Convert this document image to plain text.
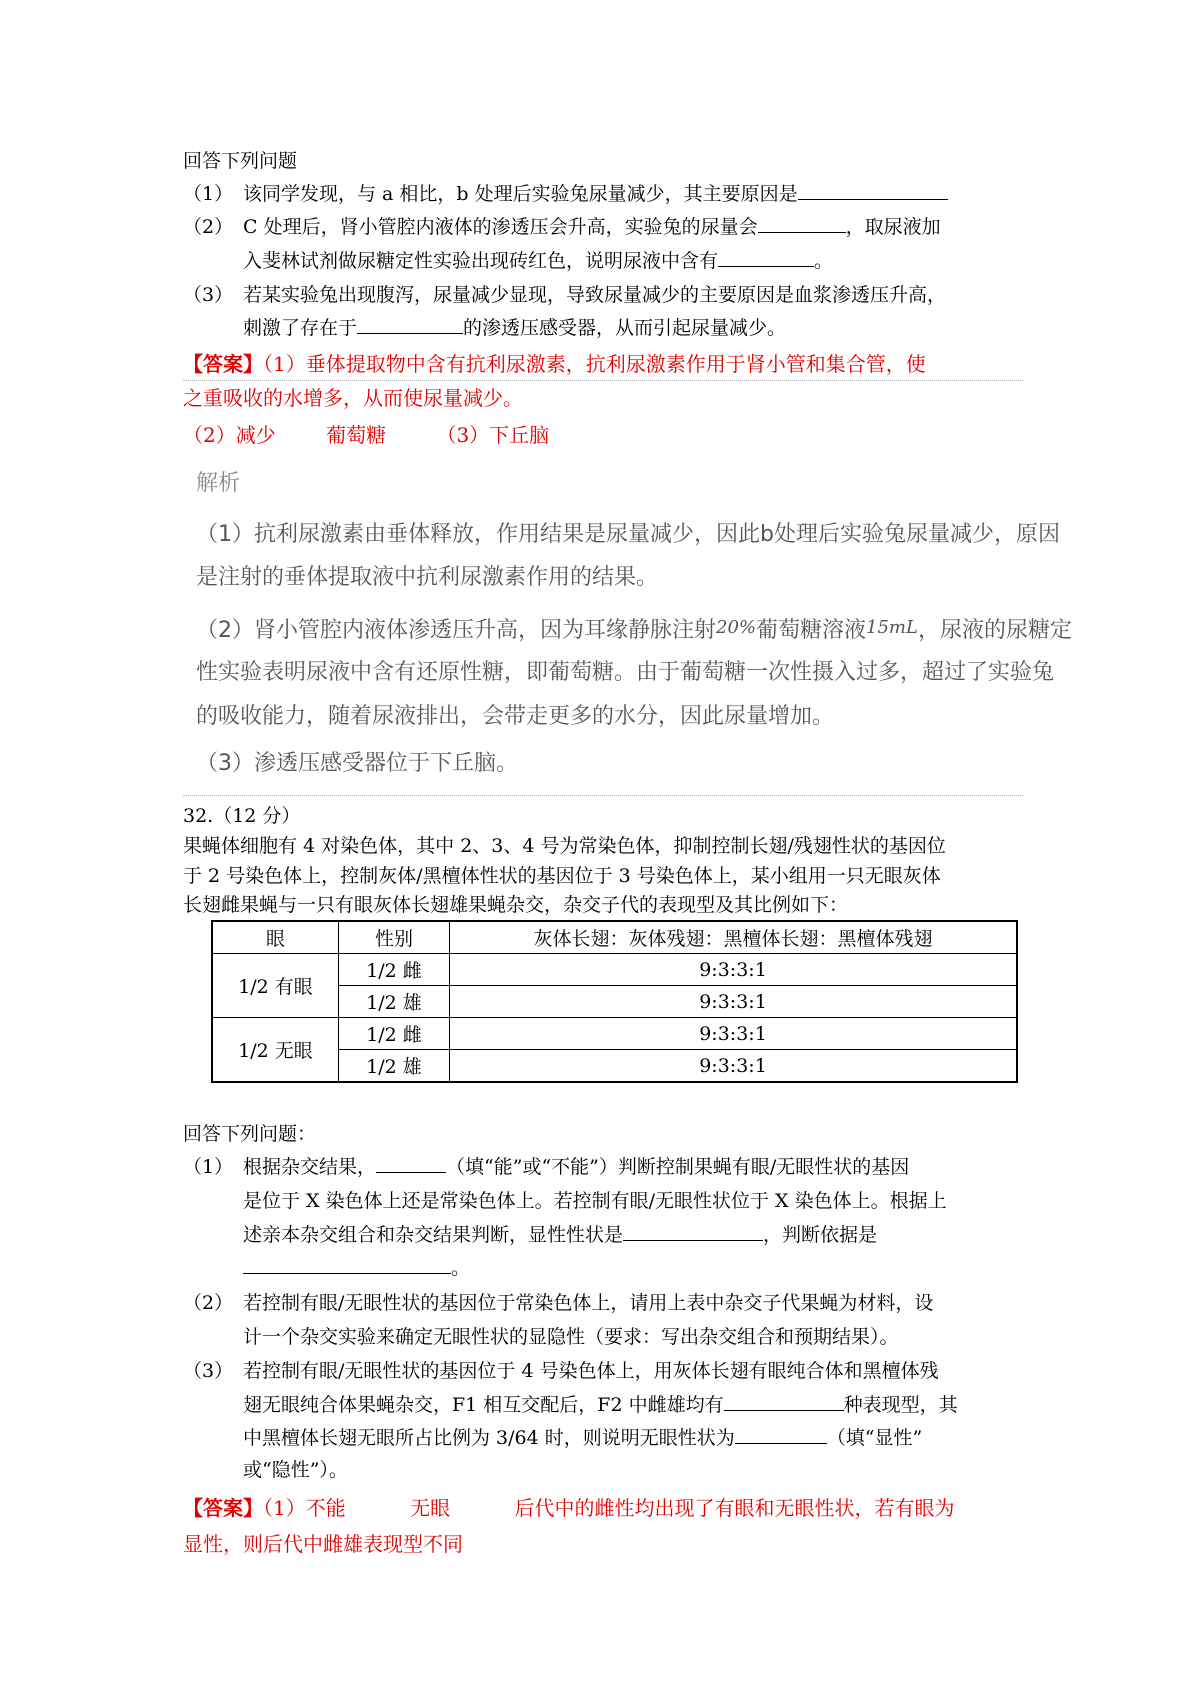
回答下列问题
（1） 该同学发现，与 a 相比，b 处理后实验兔尿量减少，其主要原因是
（2） C 处理后，肾小管腔内液体的渗透压会升高，实验兔的尿量会	，取尿液加
入斐林试剂做尿糖定性实验出现砖红色，说明尿液中含有	。
（3） 若某实验兔出现腹泻，尿量减少显现，导致尿量减少的主要原因是血浆渗透压升高，
刺激了存在于	的渗透压感受器，从而引起尿量减少。
【答案】（1）垂体提取物中含有抗利尿激素，抗利尿激素作用于肾小管和集合管，使
之重吸收的水增多，从而使尿量减少。
（2）减少	葡萄糖	（3）下丘脑
解析
（1）抗利尿激素由垂体释放，作用结果是尿量减少，因此b处理后实验兔尿量减少，原因
是注射的垂体提取液中抗利尿激素作用的结果。
（2）肾小管腔内液体渗透压升高，因为耳缘静脉注射20%葡萄糖溶液15mL，尿液的尿糖定
性实验表明尿液中含有还原性糖，即葡萄糖。由于葡萄糖一次性摄入过多，超过了实验兔
的吸收能力，随着尿液排出，会带走更多的水分，因此尿量增加。
（3）渗透压感受器位于下丘脑。
32.（12 分）
果蝇体细胞有 4 对染色体，其中 2、3、4 号为常染色体，抑制控制长翅/残翅性状的基因位
于 2 号染色体上，控制灰体/黑檀体性状的基因位于 3 号染色体上，某小组用一只无眼灰体
长翅雌果蝇与一只有眼灰体长翅雄果蝇杂交，杂交子代的表现型及其比例如下：
眼	性别	灰体长翅：灰体残翅：黑檀体长翅：黑檀体残翅
1/2 有眼	1/2 雌	9:3:3:1
	1/2 雄	9:3:3:1
1/2 无眼	1/2 雌	9:3:3:1
	1/2 雄	9:3:3:1
回答下列问题：
（1） 根据杂交结果，	（填“能”或“不能”）判断控制果蝇有眼/无眼性状的基因
是位于 X 染色体上还是常染色体上。若控制有眼/无眼性状位于 X 染色体上。根据上
述亲本杂交组合和杂交结果判断，显性性状是	，判断依据是
。
（2） 若控制有眼/无眼性状的基因位于常染色体上，请用上表中杂交子代果蝇为材料，设
计一个杂交实验来确定无眼性状的显隐性（要求：写出杂交组合和预期结果）。
（3） 若控制有眼/无眼性状的基因位于 4 号染色体上，用灰体长翅有眼纯合体和黑檀体残
翅无眼纯合体果蝇杂交，F1 相互交配后，F2 中雌雄均有	种表现型，其
中黑檀体长翅无眼所占比例为 3/64 时，则说明无眼性状为	（填“显性”
或“隐性”）。
【答案】（1）不能	无眼	后代中的雌性均出现了有眼和无眼性状，若有眼为
显性，则后代中雌雄表现型不同
